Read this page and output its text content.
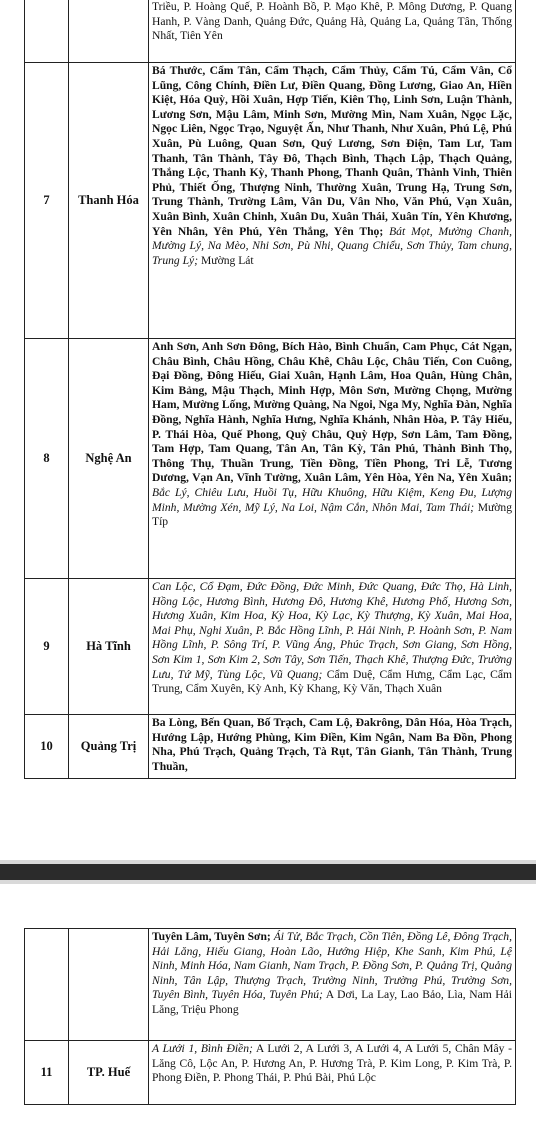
		Triều, P. Hoàng Quế, P. Hoành Bồ, P. Mạo Khê, P. Mông Dương, P. Quang Hanh, P. Vàng Danh, Quảng Đức, Quảng Hà, Quảng La, Quảng Tân, Thống Nhất, Tiên Yên
7	Thanh Hóa	Bá Thước, Cẩm Tân, Cẩm Thạch, Cẩm Thủy, Cẩm Tú, Cẩm Vân, Cổ Lũng, Công Chính, Điền Lư, Điền Quang, Đồng Lương, Giao An, Hiền Kiệt, Hóa Quỳ, Hồi Xuân, Hợp Tiến, Kiên Thọ, Linh Sơn, Luận Thành, Lương Sơn, Mậu Lâm, Minh Sơn, Mường Mìn, Nam Xuân, Ngọc Lặc, Ngọc Liên, Ngọc Trạo, Nguyệt Ấn, Như Thanh, Như Xuân, Phú Lệ, Phú Xuân, Pù Luông, Quan Sơn, Quý Lương, Sơn Điện, Tam Lư, Tam Thanh, Tân Thành, Tây Đô, Thạch Bình, Thạch Lập, Thạch Quảng, Thắng Lộc, Thanh Kỳ, Thanh Phong, Thanh Quân, Thành Vinh, Thiên Phủ, Thiết Ống, Thượng Ninh, Thường Xuân, Trung Hạ, Trung Sơn, Trung Thành, Trường Lâm, Vân Du, Vân Nho, Văn Phú, Vạn Xuân, Xuân Bình, Xuân Chinh, Xuân Du, Xuân Thái, Xuân Tín, Yên Khương, Yên Nhân, Yên Phú, Yên Thắng, Yên Thọ; Bát Mọt, Mường Chanh, Mường Lý, Na Mèo, Nhi Sơn, Pù Nhi, Quang Chiểu, Sơn Thủy, Tam chung, Trung Lý; Mường Lát
8	Nghệ An	Anh Sơn, Anh Sơn Đông, Bích Hào, Bình Chuẩn, Cam Phục, Cát Ngạn, Châu Bình, Châu Hồng, Châu Khê, Châu Lộc, Châu Tiến, Con Cuông, Đại Đồng, Đông Hiếu, Giai Xuân, Hạnh Lâm, Hoa Quân, Hùng Chân, Kim Bảng, Mậu Thạch, Minh Hợp, Môn Sơn, Mường Chọng, Mường Ham, Mường Lống, Mường Quàng, Na Ngoi, Nga My, Nghĩa Đàn, Nghĩa Đồng, Nghĩa Hành, Nghĩa Hưng, Nghĩa Khánh, Nhân Hòa, P. Tây Hiếu, P. Thái Hòa, Quế Phong, Quỳ Châu, Quỳ Hợp, Sơn Lâm, Tam Đồng, Tam Hợp, Tam Quang, Tân An, Tân Kỳ, Tân Phú, Thành Bình Thọ, Thông Thụ, Thuần Trung, Tiền Đồng, Tiền Phong, Tri Lễ, Tương Dương, Vạn An, Vĩnh Tường, Xuân Lâm, Yên Hòa, Yên Na, Yên Xuân; Bắc Lý, Chiêu Lưu, Huồi Tụ, Hữu Khuông, Hữu Kiệm, Keng Đu, Lượng Minh, Mường Xén, Mỹ Lý, Na Loi, Nậm Cắn, Nhôn Mai, Tam Thái; Mường Típ
9	Hà Tĩnh	Can Lộc, Cổ Đạm, Đức Đồng, Đức Minh, Đức Quang, Đức Thọ, Hà Linh, Hồng Lộc, Hương Bình, Hương Đô, Hương Khê, Hương Phố, Hương Sơn, Hương Xuân, Kim Hoa, Kỳ Hoa, Kỳ Lạc, Kỳ Thượng, Kỳ Xuân, Mai Hoa, Mai Phụ, Nghi Xuân, P. Bắc Hồng Lĩnh, P. Hải Ninh, P. Hoành Sơn, P. Nam Hồng Lĩnh, P. Sông Trí, P. Vũng Áng, Phúc Trạch, Sơn Giang, Sơn Hồng, Sơn Kim 1, Sơn Kim 2, Sơn Tây, Sơn Tiến, Thạch Khê, Thượng Đức, Trường Lưu, Tứ Mỹ, Tùng Lộc, Vũ Quang; Cẩm Duệ, Cẩm Hưng, Cẩm Lạc, Cẩm Trung, Cẩm Xuyên, Kỳ Anh, Kỳ Khang, Kỳ Văn, Thạch Xuân
10	Quảng Trị	Ba Lòng, Bến Quan, Bố Trạch, Cam Lộ, Đakrông, Dân Hóa, Hòa Trạch, Hướng Lập, Hướng Phùng, Kim Điền, Kim Ngân, Nam Ba Đồn, Phong Nha, Phú Trạch, Quảng Trạch, Tà Rụt, Tân Gianh, Tân Thành, Trung Thuần,
		Tuyên Lâm, Tuyên Sơn; Ái Tử, Bắc Trạch, Cồn Tiên, Đồng Lê, Đông Trạch, Hải Lăng, Hiếu Giang, Hoàn Lão, Hướng Hiệp, Khe Sanh, Kim Phú, Lệ Ninh, Minh Hóa, Nam Gianh, Nam Trạch, P. Đồng Sơn, P. Quảng Trị, Quảng Ninh, Tân Lập, Thượng Trạch, Trường Ninh, Trường Phú, Trường Sơn, Tuyên Bình, Tuyên Hóa, Tuyên Phú; A Dơi, La Lay, Lao Bảo, Lìa, Nam Hải Lăng, Triệu Phong
11	TP. Huế	A Lưới 1, Bình Điền; A Lưới 2, A Lưới 3, A Lưới 4, A Lưới 5, Chân Mây - Lăng Cô, Lộc An, P. Hương An, P. Hương Trà, P. Kim Long, P. Kim Trà, P. Phong Điền, P. Phong Thái, P. Phú Bài, Phú Lộc
